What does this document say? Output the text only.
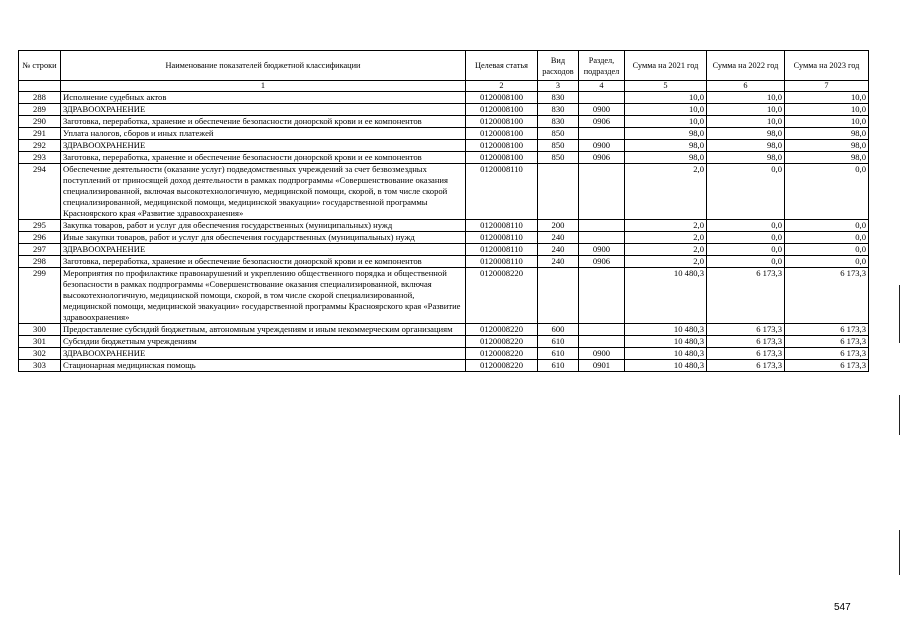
№ строки	Наименование показателей бюджетной классификации	Целевая статья	Вид расходов	Раздел, подраздел	Сумма на 2021 год	Сумма на 2022 год	Сумма на 2023 год
	1	2	3	4	5	6	7
288	Исполнение судебных актов	0120008100	830		10,0	10,0	10,0
289	ЗДРАВООХРАНЕНИЕ	0120008100	830	0900	10,0	10,0	10,0
290	Заготовка, переработка, хранение и обеспечение безопасности донорской крови и ее компонентов	0120008100	830	0906	10,0	10,0	10,0
291	Уплата налогов, сборов и иных платежей	0120008100	850		98,0	98,0	98,0
292	ЗДРАВООХРАНЕНИЕ	0120008100	850	0900	98,0	98,0	98,0
293	Заготовка, переработка, хранение и обеспечение безопасности донорской крови и ее компонентов	0120008100	850	0906	98,0	98,0	98,0
294	Обеспечение деятельности (оказание услуг) подведомственных учреждений за счет безвозмездных поступлений от приносящей доход деятельности в рамках подпрограммы «Совершенствование оказания специализированной, включая высокотехнологичную, медицинской помощи, скорой, в том числе скорой специализированной, медицинской помощи, медицинской эвакуации» государственной программы Красноярского края «Развитие здравоохранения»	0120008110			2,0	0,0	0,0
295	Закупка товаров, работ и услуг для обеспечения государственных (муниципальных) нужд	0120008110	200		2,0	0,0	0,0
296	Иные закупки товаров, работ и услуг для обеспечения государственных (муниципальных) нужд	0120008110	240		2,0	0,0	0,0
297	ЗДРАВООХРАНЕНИЕ	0120008110	240	0900	2,0	0,0	0,0
298	Заготовка, переработка, хранение и обеспечение безопасности донорской крови и ее компонентов	0120008110	240	0906	2,0	0,0	0,0
299	Мероприятия по профилактике правонарушений и укреплению общественного порядка и общественной безопасности в рамках подпрограммы «Совершенствование оказания специализированной, включая высокотехнологичную, медицинской помощи, скорой, в том числе скорой специализированной, медицинской помощи, медицинской эвакуации» государственной программы Красноярского края «Развитие здравоохранения»	0120008220			10 480,3	6 173,3	6 173,3
300	Предоставление субсидий бюджетным, автономным учреждениям и иным некоммерческим организациям	0120008220	600		10 480,3	6 173,3	6 173,3
301	Субсидии бюджетным учреждениям	0120008220	610		10 480,3	6 173,3	6 173,3
302	ЗДРАВООХРАНЕНИЕ	0120008220	610	0900	10 480,3	6 173,3	6 173,3
303	Стационарная медицинская помощь	0120008220	610	0901	10 480,3	6 173,3	6 173,3
547
